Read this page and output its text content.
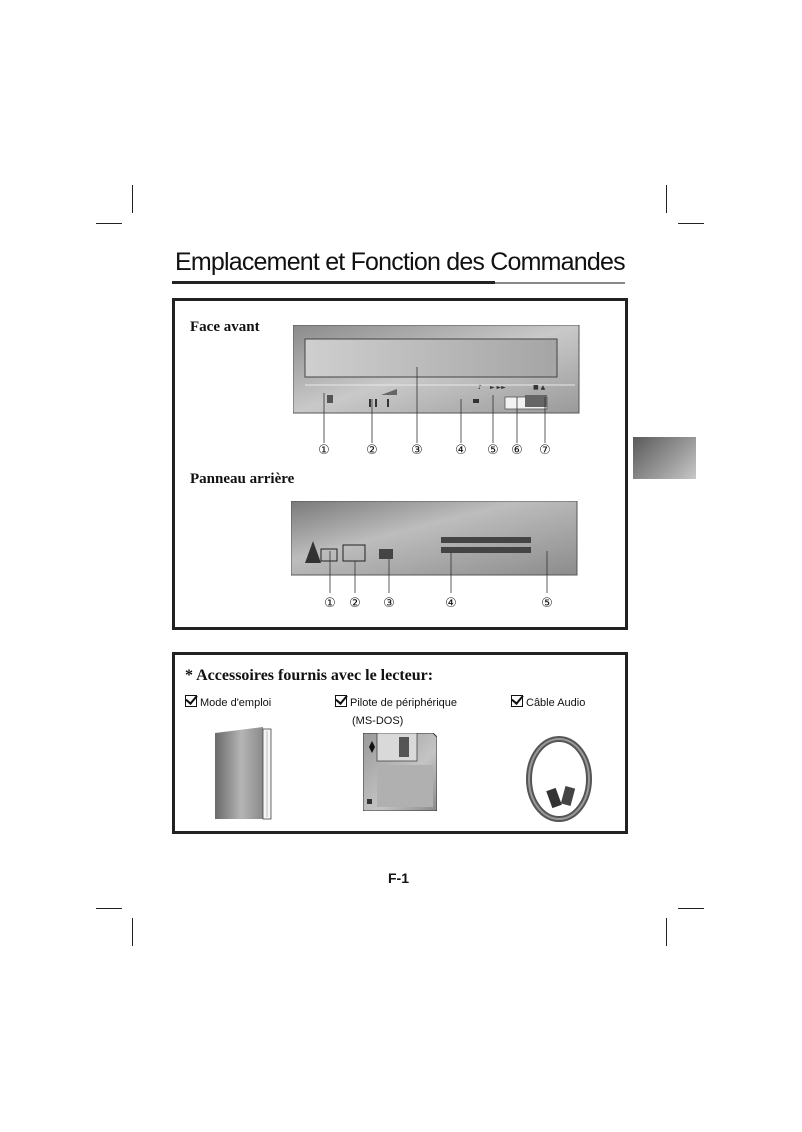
Emplacement et Fonction des Commandes
Face avant
► ►►	■ ▲
♪
①	②	③ ④ ⑤ ⑥ ⑦
Panneau arrière
① ② ③	④	⑤
* Accessoires fournis avec le lecteur:
Mode d'emploi	Pilote de périphérique
(MS-DOS)
Câble Audio
F-1
